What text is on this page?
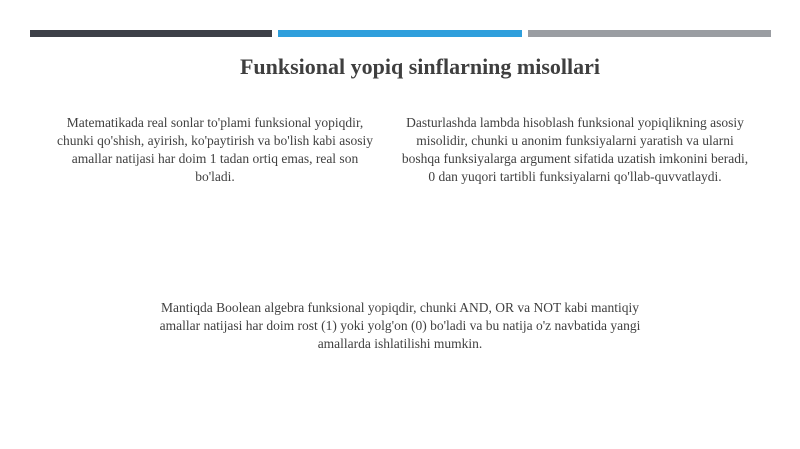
Funksional yopiq sinflarning misollari

Matematikada real sonlar to'plami funksional yopiqdir, chunki qo'shish, ayirish, ko'paytirish va bo'lish kabi asosiy amallar natijasi har doim 1 tadan ortiq emas, real son bo'ladi.

Dasturlashda lambda hisoblash funksional yopiqlikning asosiy misolidir, chunki u anonim funksiyalarni yaratish va ularni boshqa funksiyalarga argument sifatida uzatish imkonini beradi, 0 dan yuqori tartibli funksiyalarni qo'llab-quvvatlaydi.

Mantiqda Boolean algebra funksional yopiqdir, chunki AND, OR va NOT kabi mantiqiy amallar natijasi har doim rost (1) yoki yolg'on (0) bo'ladi va bu natija o'z navbatida yangi amallarda ishlatilishi mumkin.
